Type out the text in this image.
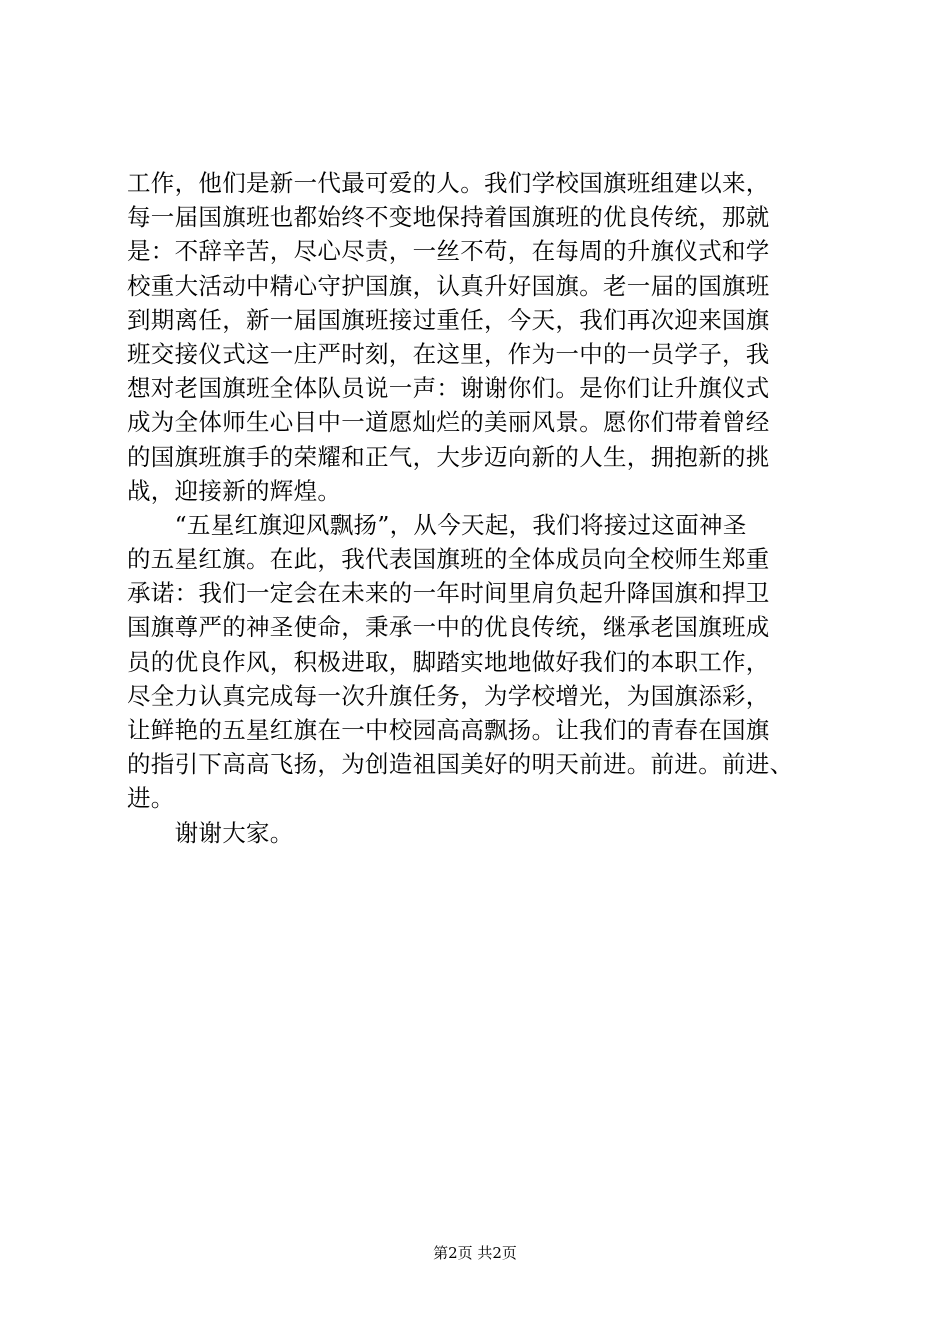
工作，他们是新一代最可爱的人。我们学校国旗班组建以来，
每一届国旗班也都始终不变地保持着国旗班的优良传统，那就
是：不辞辛苦，尽心尽责，一丝不苟，在每周的升旗仪式和学
校重大活动中精心守护国旗，认真升好国旗。老一届的国旗班
到期离任，新一届国旗班接过重任，今天，我们再次迎来国旗
班交接仪式这一庄严时刻，在这里，作为一中的一员学子，我
想对老国旗班全体队员说一声：谢谢你们。是你们让升旗仪式
成为全体师生心目中一道愿灿烂的美丽风景。愿你们带着曾经
的国旗班旗手的荣耀和正气，大步迈向新的人生，拥抱新的挑
战，迎接新的辉煌。
　　“五星红旗迎风飘扬”，从今天起，我们将接过这面神圣
的五星红旗。在此，我代表国旗班的全体成员向全校师生郑重
承诺：我们一定会在未来的一年时间里肩负起升降国旗和捍卫
国旗尊严的神圣使命，秉承一中的优良传统，继承老国旗班成
员的优良作风，积极进取，脚踏实地地做好我们的本职工作，
尽全力认真完成每一次升旗任务，为学校增光，为国旗添彩，
让鲜艳的五星红旗在一中校园高高飘扬。让我们的青春在国旗
的指引下高高飞扬，为创造祖国美好的明天前进。前进。前进、
进。
　　谢谢大家。
第2页 共2页
